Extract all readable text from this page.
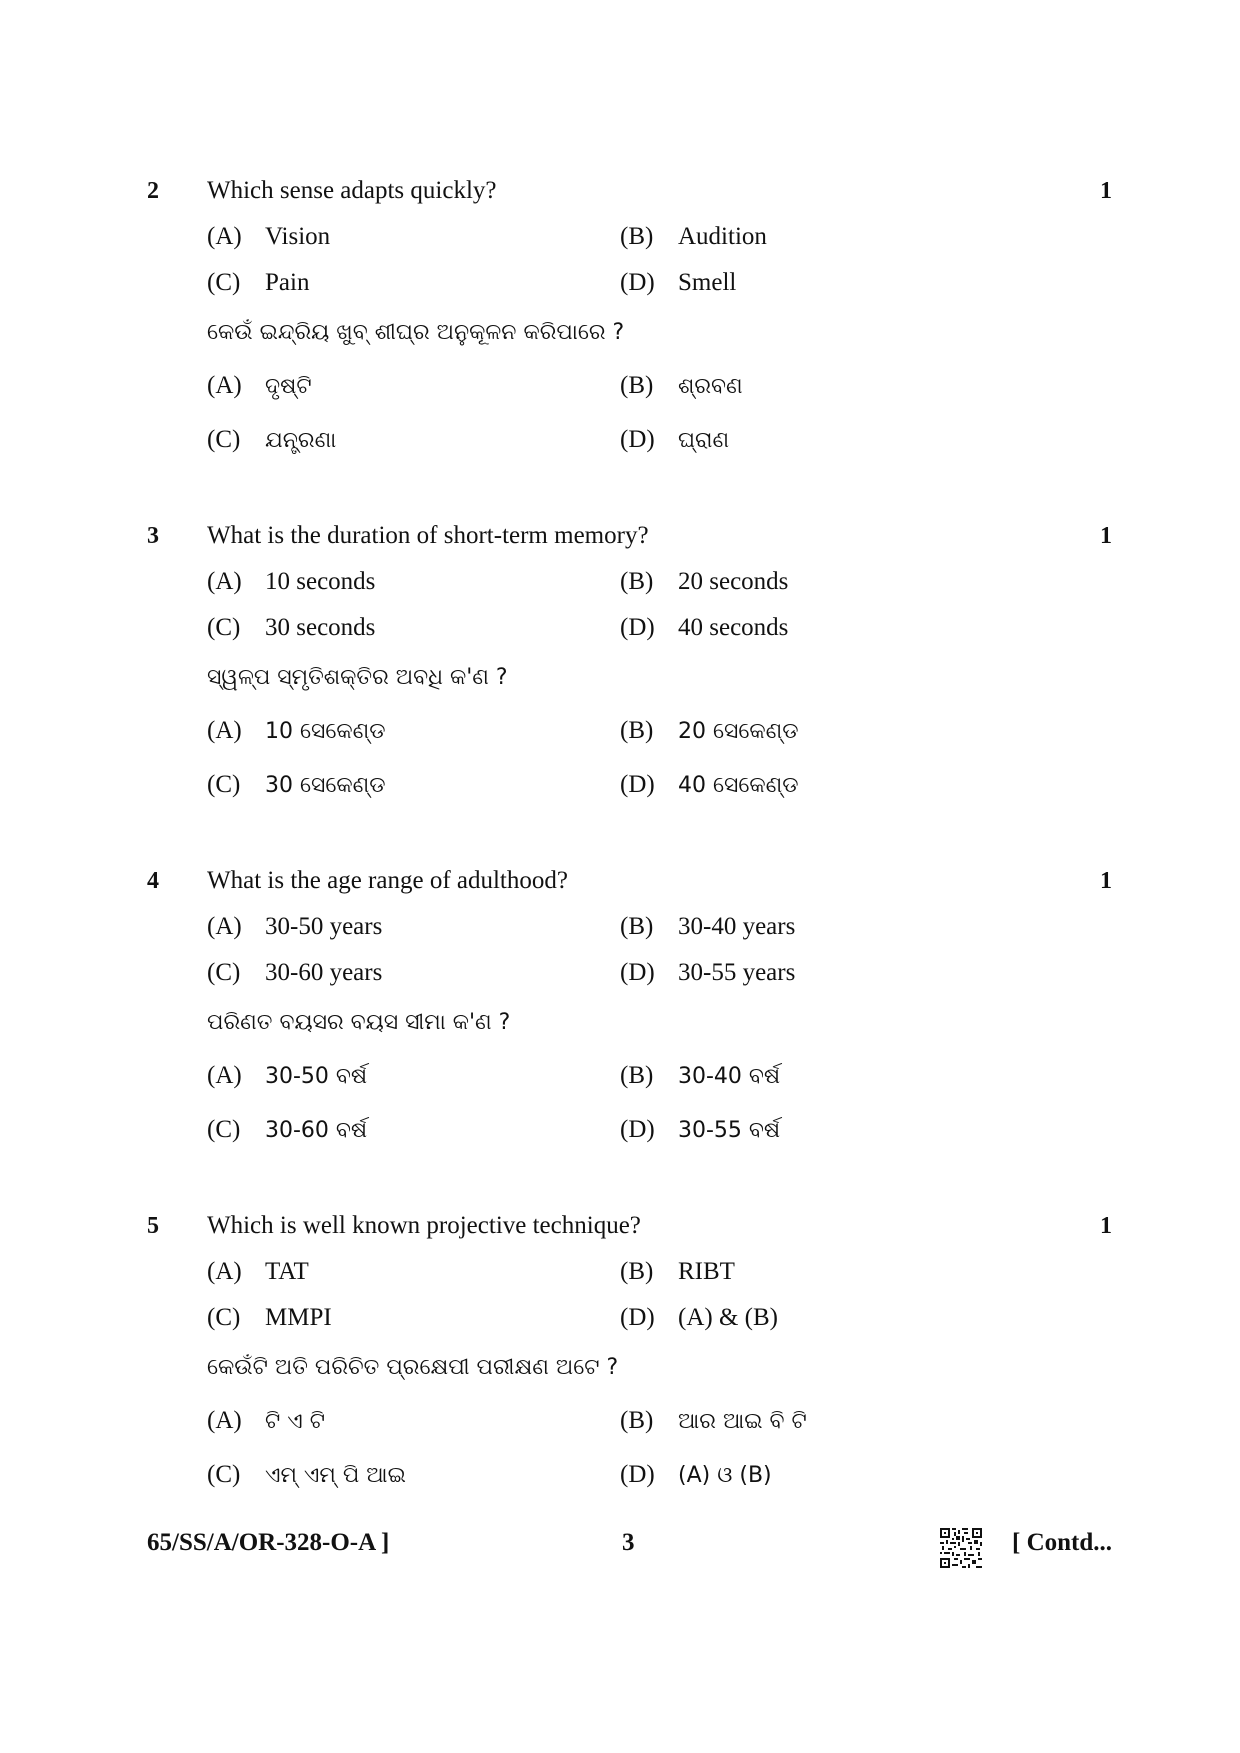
2 Which sense adapts quickly?	1
(A) Vision	(B) Audition
(C) Pain	(D) Smell
କେଉଁ ଇନ୍ଦ୍ରିୟ ଖୁବ୍ ଶୀଘ୍ର ଅନୁକୂଳନ କରିପାରେ ?
(A) ଦୃଷ୍ଟି	(B) ଶ୍ରବଣ
(C) ଯନ୍ତ୍ରଣା	(D) ଘ୍ରାଣ
3 What is the duration of short-term memory?	1
(A) 10 seconds	(B) 20 seconds
(C) 30 seconds	(D) 40 seconds
ସ୍ୱଳ୍ପ ସ୍ମୃତିଶକ୍ତିର ଅବଧି କ'ଣ ?
(A) 10 ସେକେଣ୍ଡ	(B) 20 ସେକେଣ୍ଡ
(C) 30 ସେକେଣ୍ଡ	(D) 40 ସେକେଣ୍ଡ
4 What is the age range of adulthood?	1
(A) 30-50 years	(B) 30-40 years
(C) 30-60 years	(D) 30-55 years
ପରିଣତ ବୟସର ବୟସ ସୀମା କ'ଣ ?
(A) 30-50 ବର୍ଷ	(B) 30-40 ବର୍ଷ
(C) 30-60 ବର୍ଷ	(D) 30-55 ବର୍ଷ
5 Which is well known projective technique?	1
(A) TAT	(B) RIBT
(C) MMPI	(D) (A) & (B)
କେଉଁଟି ଅତି ପରିଚିତ ପ୍ରକ୍ଷେପୀ ପରୀକ୍ଷଣ ଅଟେ ?
(A) ଟି ଏ ଟି	(B) ଆର ଆଇ ବି ଟି
(C) ଏମ୍ ଏମ୍ ପି ଆଇ	(D) (A) ଓ (B)
65/SS/A/OR-328-O-A ]	3	[ Contd...
